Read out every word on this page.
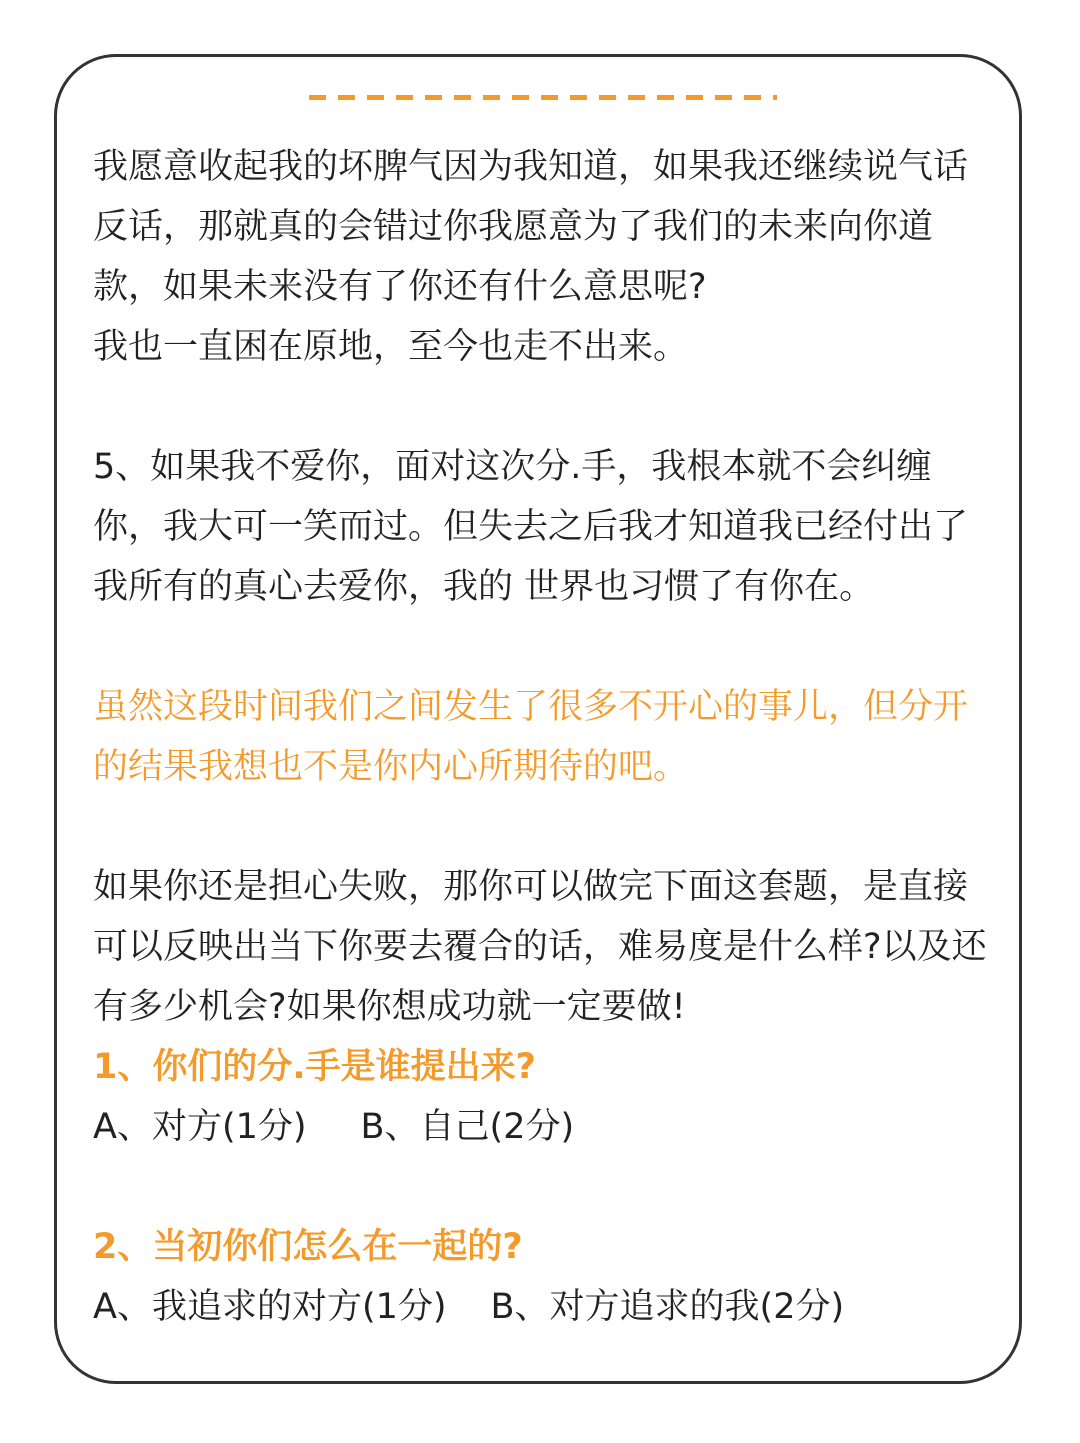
我愿意收起我的坏脾气因为我知道，如果我还继续说气话反话，那就真的会错过你我愿意为了我们的未来向你道款，如果未来没有了你还有什么意思呢?

我也一直困在原地，至今也走不出来。

5、如果我不爱你，面对这次分.手，我根本就不会纠缠你，我大可一笑而过。但失去之后我才知道我已经付出了我所有的真心去爱你，我的 世界也习惯了有你在。

虽然这段时间我们之间发生了很多不开心的事儿，但分开的结果我想也不是你内心所期待的吧。

如果你还是担心失败，那你可以做完下面这套题，是直接可以反映出当下你要去覆合的话，难易度是什么样?以及还有多少机会?如果你想成功就一定要做!

1、你们的分.手是谁提出来?

A、对方(1分) B、自己(2分)

2、当初你们怎么在一起的?

A、我追求的对方(1分) B、对方追求的我(2分)
